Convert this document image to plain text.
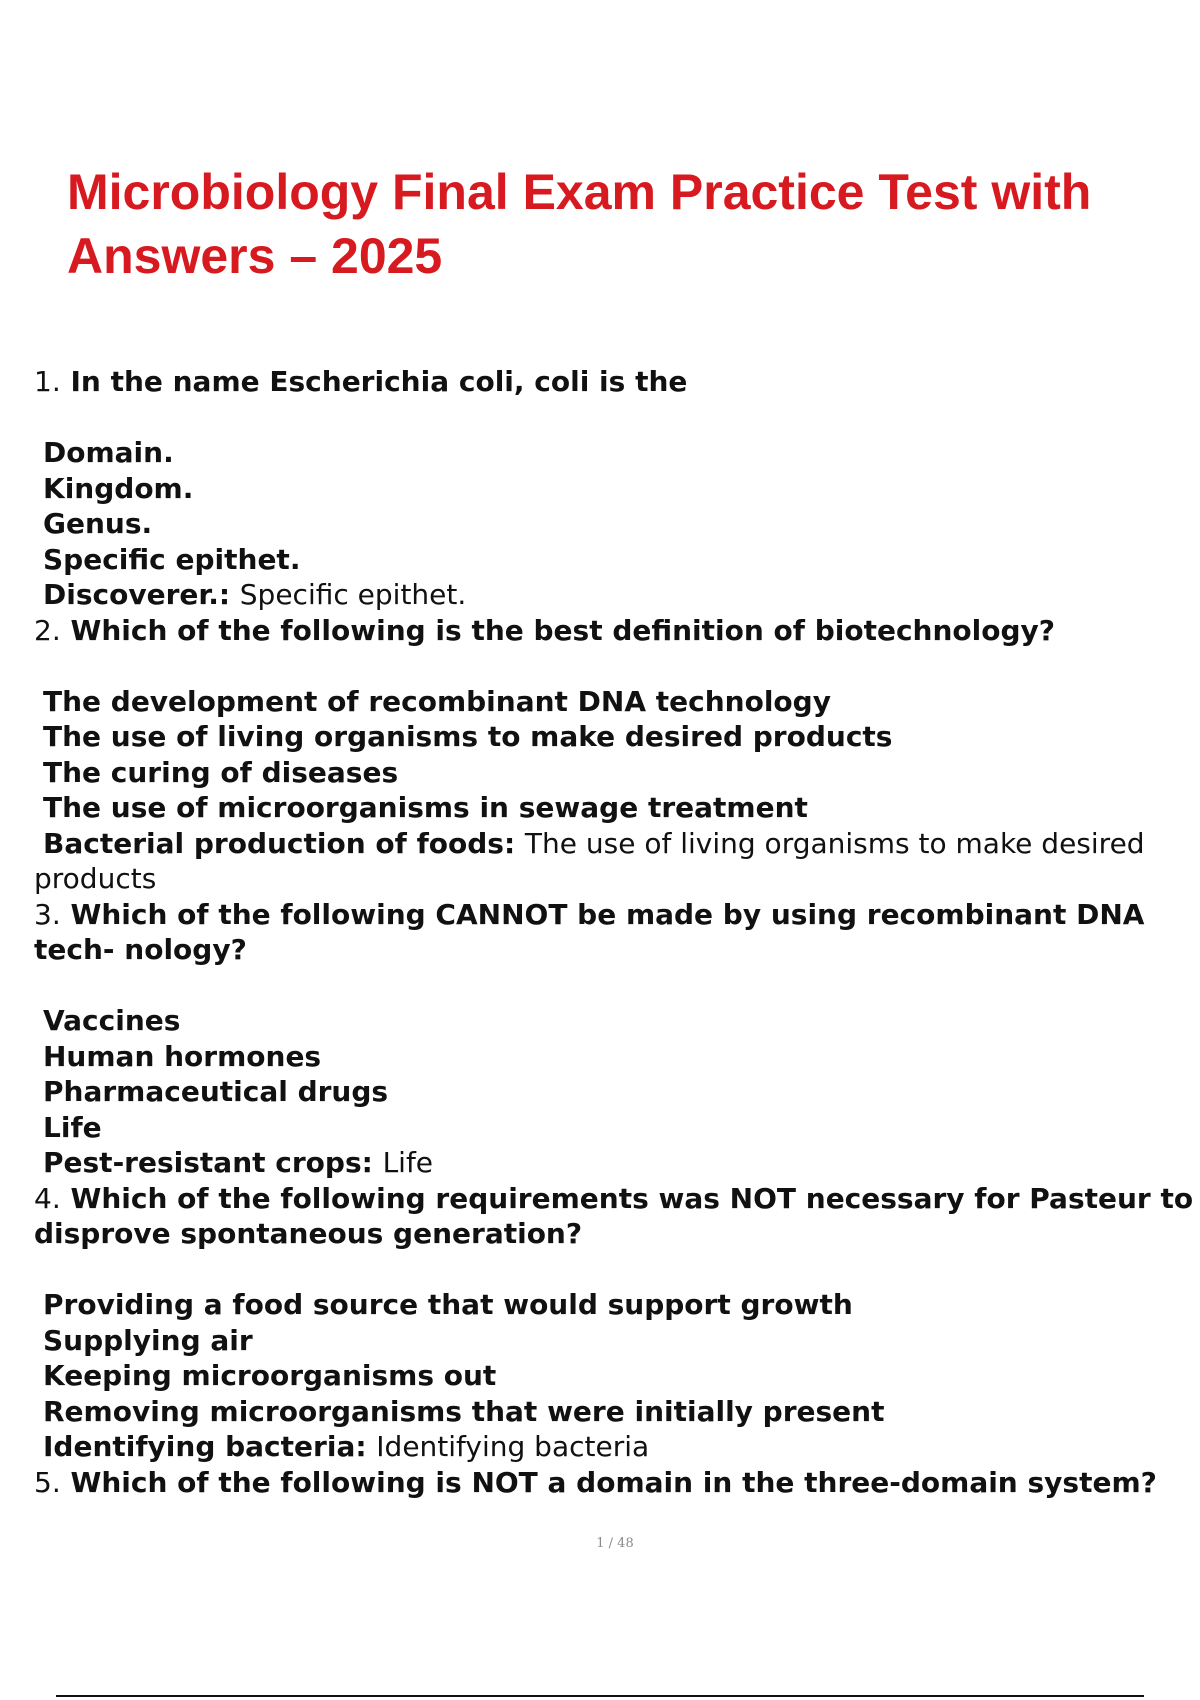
Microbiology Final Exam Practice Test with
Answers – 2025
1. In the name Escherichia coli, coli is the
Domain.
Kingdom.
Genus.
Specific epithet.
Discoverer.: Specific epithet.
2. Which of the following is the best definition of biotechnology?
The development of recombinant DNA technology
The use of living organisms to make desired products
The curing of diseases
The use of microorganisms in sewage treatment
Bacterial production of foods: The use of living organisms to make desired products
3. Which of the following CANNOT be made by using recombinant DNA tech- nology?
Vaccines
Human hormones
Pharmaceutical drugs
Life
Pest-resistant crops: Life
4. Which of the following requirements was NOT necessary for Pasteur to disprove spontaneous generation?
Providing a food source that would support growth
Supplying air
Keeping microorganisms out
Removing microorganisms that were initially present
Identifying bacteria: Identifying bacteria
5. Which of the following is NOT a domain in the three-domain system?
1 / 48
